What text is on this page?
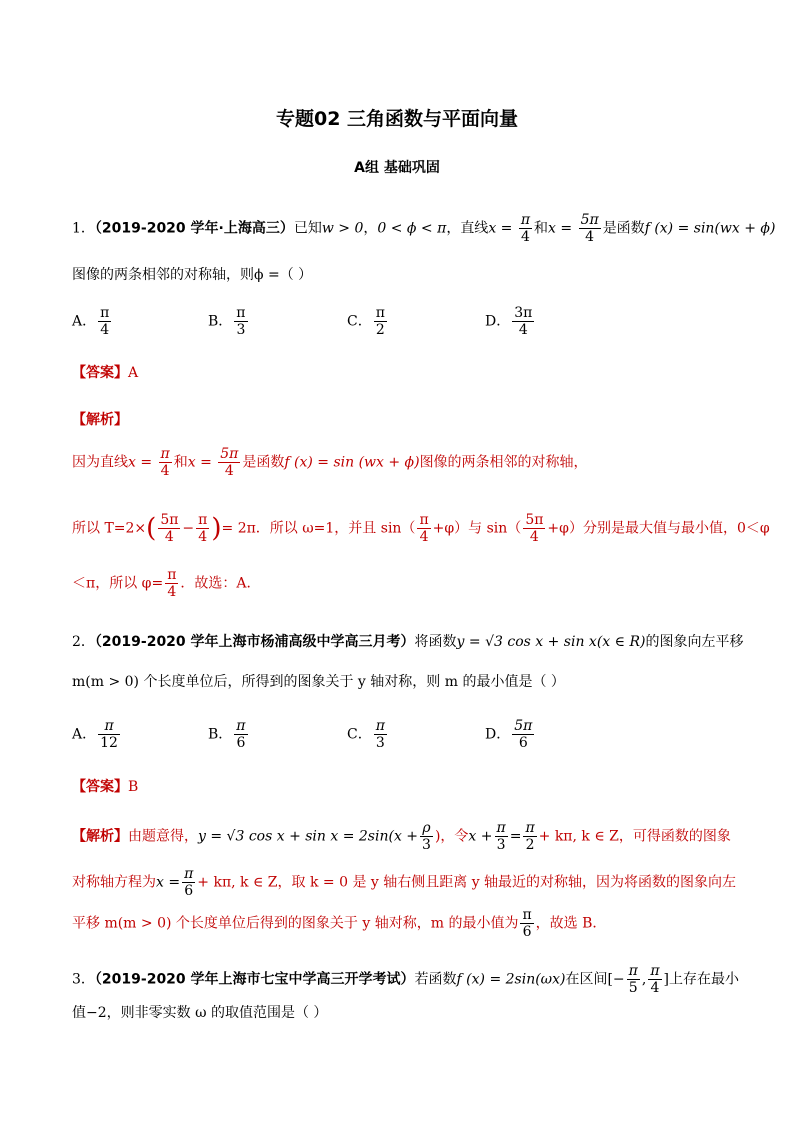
专题02 三角函数与平面向量
A组 基础巩固
1．（2019-2020 学年·上海高三）已知w > 0，0 < ϕ < π，直线$x = \frac{\pi}{4}$ 和$x = \frac{5\pi}{4}$ 是函数f (x) = sin(wx + ϕ)
图像的两条相邻的对称轴，则ϕ =（ ）
A． $\frac{\pi}{4}$	B． $\frac{\pi}{3}$	C． $\frac{\pi}{2}$	D． $\frac{3\pi}{4}$
【答案】A
【解析】
因为直线$x = \frac{\pi}{4}$ 和$x = \frac{5\pi}{4}$ 是函数f (x) = sin (wx + ϕ)图像的两条相邻的对称轴，
所以 $T=2\times( \frac{5\pi}{4} - \frac{\pi}{4}$ )= 2π．所以 ω=1，并且 $\sin( \frac{\pi}{4} +\varphi)$与 $\sin( \frac{5\pi}{4} +\varphi)$分别是最大值与最小值，0＜φ
＜π，所以 $\varphi= \frac{\pi}{4}$ ．故选：A．
2．（2019-2020 学年上海市杨浦高级中学高三月考）将函数y = √3 cos x + sin x(x ∈ R)的图象向左平移
m(m > 0) 个长度单位后，所得到的图象关于 y 轴对称，则 m 的最小值是（ ）
A． $\frac{\pi}{12}$	B． $\frac{\pi}{6}$	C． $\frac{\pi}{3}$	D． $\frac{5\pi}{6}$
【答案】B
【解析】由题意得，y = √3 $\cos x + \sin x = 2\sin(x + \frac{\rho}{3}$ )，令$x + \frac{\pi}{3} = \frac{\pi}{2} + k\pi$, k ∈ Z，可得函数的图象
对称轴方程为$x = \frac{\pi}{6} + k\pi$, k ∈ Z，取 k = 0 是 y 轴右侧且距离 y 轴最近的对称轴，因为将函数的图象向左
平移 m(m > 0) 个长度单位后得到的图象关于 y 轴对称，m 的最小值为 $\frac{\pi}{6}$ ，故选 B．
3．（2019-2020 学年上海市七宝中学高三开学考试）若函数f (x) = 2sin(ωx)在区间[− $\frac{\pi}{5}$ , $\frac{\pi}{4}$ ]上存在最小
值−2，则非零实数 ω 的取值范围是（ ）
